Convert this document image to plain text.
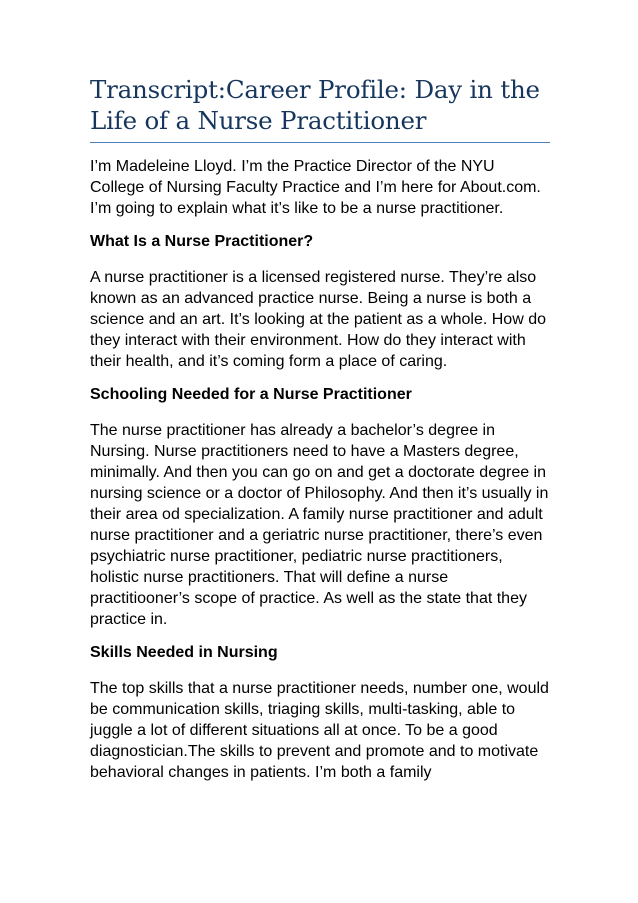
Transcript:Career Profile: Day in the Life of a Nurse Practitioner

I’m Madeleine Lloyd. I’m the Practice Director of the NYU College of Nursing Faculty Practice and I’m here for About.com. I’m going to explain what it’s like to be a nurse practitioner.

What Is a Nurse Practitioner?

A nurse practitioner is a licensed registered nurse. They’re also known as an advanced practice nurse. Being a nurse is both a science and an art. It’s looking at the patient as a whole. How do they interact with their environment. How do they interact with their health, and it’s coming form a place of caring.

Schooling Needed for a Nurse Practitioner

The nurse practitioner has already a bachelor’s degree in Nursing. Nurse practitioners need to have a Masters degree, minimally. And then you can go on and get a doctorate degree in nursing science or a doctor of Philosophy. And then it’s usually in their area od specialization. A family nurse practitioner and adult nurse practitioner and a geriatric nurse practitioner, there’s even psychiatric nurse practitioner, pediatric nurse practitioners, holistic nurse practitioners. That will define a nurse practitiooner’s scope of practice. As well as the state that they practice in.

Skills Needed in Nursing

The top skills that a nurse practitioner needs, number one, would be communication skills, triaging skills, multi-tasking, able to juggle a lot of different situations all at once. To be a good diagnostician.The skills to prevent and promote and to motivate behavioral changes in patients. I’m both a family
